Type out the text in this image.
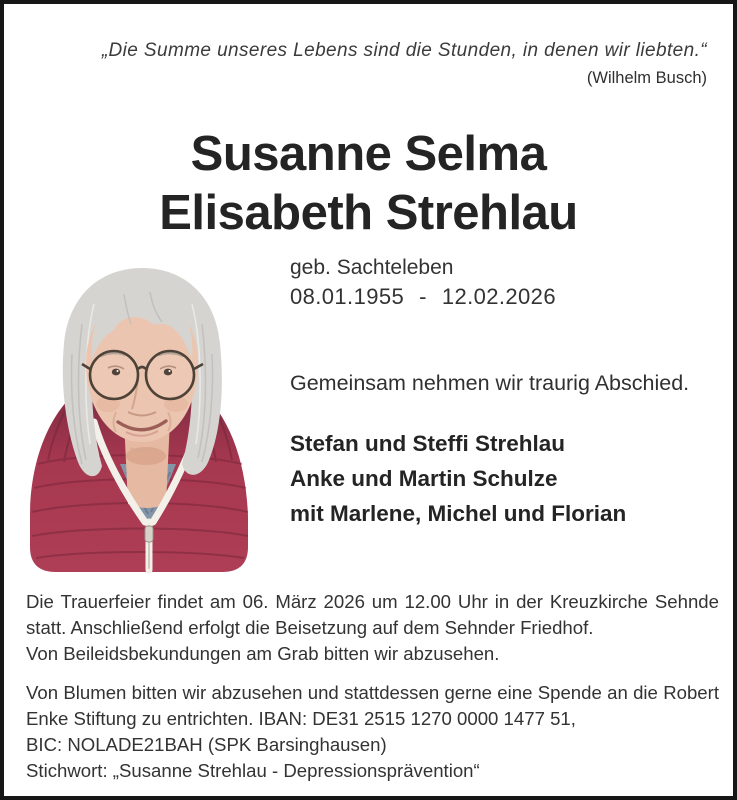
„Die Summe unseres Lebens sind die Stunden, in denen wir liebten.“
(Wilhelm Busch)
Susanne Selma
Elisabeth Strehlau
geb. Sachteleben
08.01.1955 - 12.02.2026
Gemeinsam nehmen wir traurig Abschied.
Stefan und Steffi Strehlau
Anke und Martin Schulze
mit Marlene, Michel und Florian
Die Trauerfeier findet am 06. März 2026 um 12.00 Uhr in der Kreuzkirche Sehnde
statt. Anschließend erfolgt die Beisetzung auf dem Sehnder Friedhof.
Von Beileidsbekundungen am Grab bitten wir abzusehen.
Von Blumen bitten wir abzusehen und stattdessen gerne eine Spende an die Robert
Enke Stiftung zu entrichten. IBAN: DE31 2515 1270 0000 1477 51,
BIC: NOLADE21BAH (SPK Barsinghausen)
Stichwort: „Susanne Strehlau - Depressionsprävention“
